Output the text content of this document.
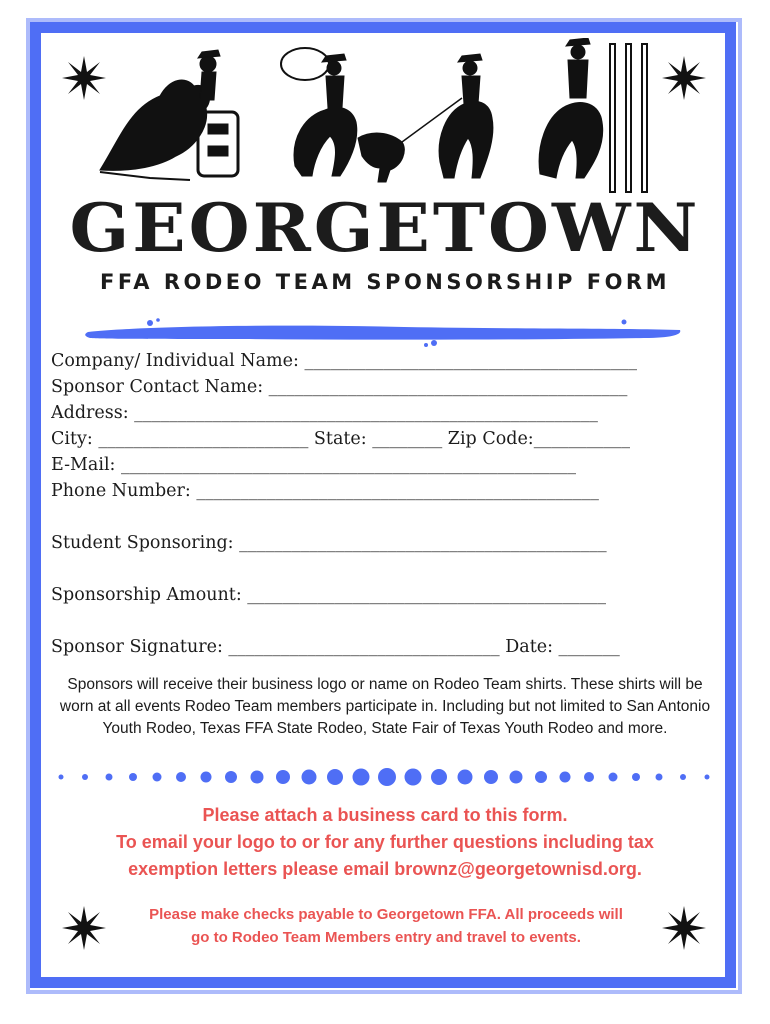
GEORGETOWN
FFA RODEO TEAM SPONSORSHIP FORM
Company/ Individual Name: ______________________________________
Sponsor Contact Name: _________________________________________
Address: _____________________________________________________
City: ________________________ State: ________ Zip Code:___________
E-Mail: ____________________________________________________
Phone Number: ______________________________________________
Student Sponsoring: __________________________________________
Sponsorship Amount: _________________________________________
Sponsor Signature: _______________________________ Date: _______
Sponsors will receive their business logo or name on Rodeo Team shirts. These shirts will be worn at all events Rodeo Team members participate in. Including but not limited to San Antonio Youth Rodeo, Texas FFA State Rodeo, State Fair of Texas Youth Rodeo and more.
Please attach a business card to this form.
To email your logo to or for any further questions including tax
exemption letters please email brownz@georgetownisd.org.
Please make checks payable to Georgetown FFA. All proceeds will
go to Rodeo Team Members entry and travel to events.
